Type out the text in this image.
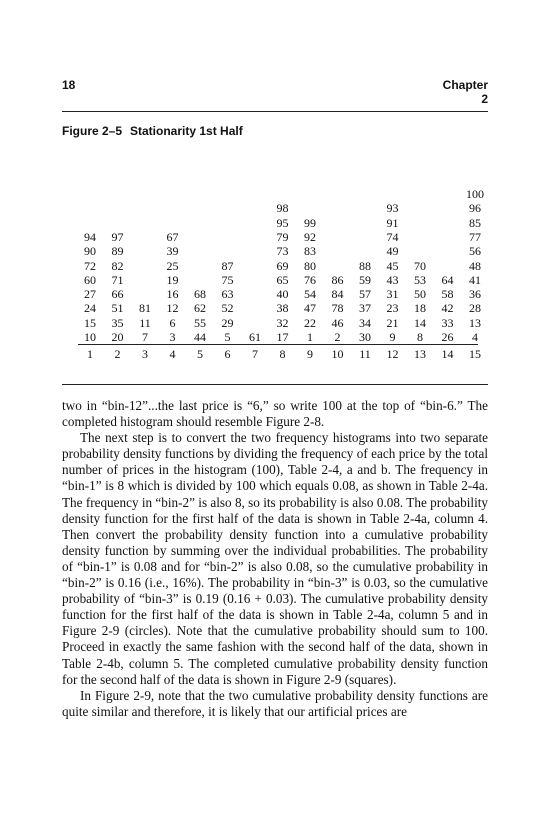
18	Chapter 2
Figure 2–5 Stationarity 1st Half
94
90
72
60
27
24
15
10
1
97
89
82
71
66
51
35
20
2
81
11
7
3
67
39
25
19
16
12
6
3
4
68
62
55
44
5
87
75
63
52
29
5
6
61
7
98
95
79
73
69
65
40
38
32
17
8
99
92
83
80
76
54
47
22
1
9
86
84
78
46
2
10
88
59
57
37
34
30
11
93
91
74
49
45
43
31
23
21
9
12
70
53
50
18
14
8
13
64
58
42
33
26
14
100
96
85
77
56
48
41
36
28
13
4
15

two in “bin-12”...the last price is “6,” so write 100 at the top of “bin-6.” The completed histogram should resemble Figure 2-8.

The next step is to convert the two frequency histograms into two separate probability density functions by dividing the frequency of each price by the total number of prices in the histogram (100), Table 2-4, a and b. The frequency in “bin-1” is 8 which is divided by 100 which equals 0.08, as shown in Table 2-4a. The frequency in “bin-2” is also 8, so its probability is also 0.08. The probability density function for the first half of the data is shown in Table 2-4a, column 4. Then convert the probability density function into a cumulative probability density function by summing over the individual probabilities. The probability of “bin-1” is 0.08 and for “bin-2” is also 0.08, so the cumulative probability in “bin-2” is 0.16 (i.e., 16%). The probability in “bin-3” is 0.03, so the cumulative probability of “bin-3” is 0.19 (0.16 + 0.03). The cumulative probability density function for the first half of the data is shown in Table 2-4a, column 5 and in Figure 2-9 (circles). Note that the cumulative probability should sum to 100. Proceed in exactly the same fashion with the second half of the data, shown in Table 2-4b, column 5. The completed cumulative probability density function for the second half of the data is shown in Figure 2-9 (squares).

In Figure 2-9, note that the two cumulative probability density functions are quite similar and therefore, it is likely that our artificial prices are
